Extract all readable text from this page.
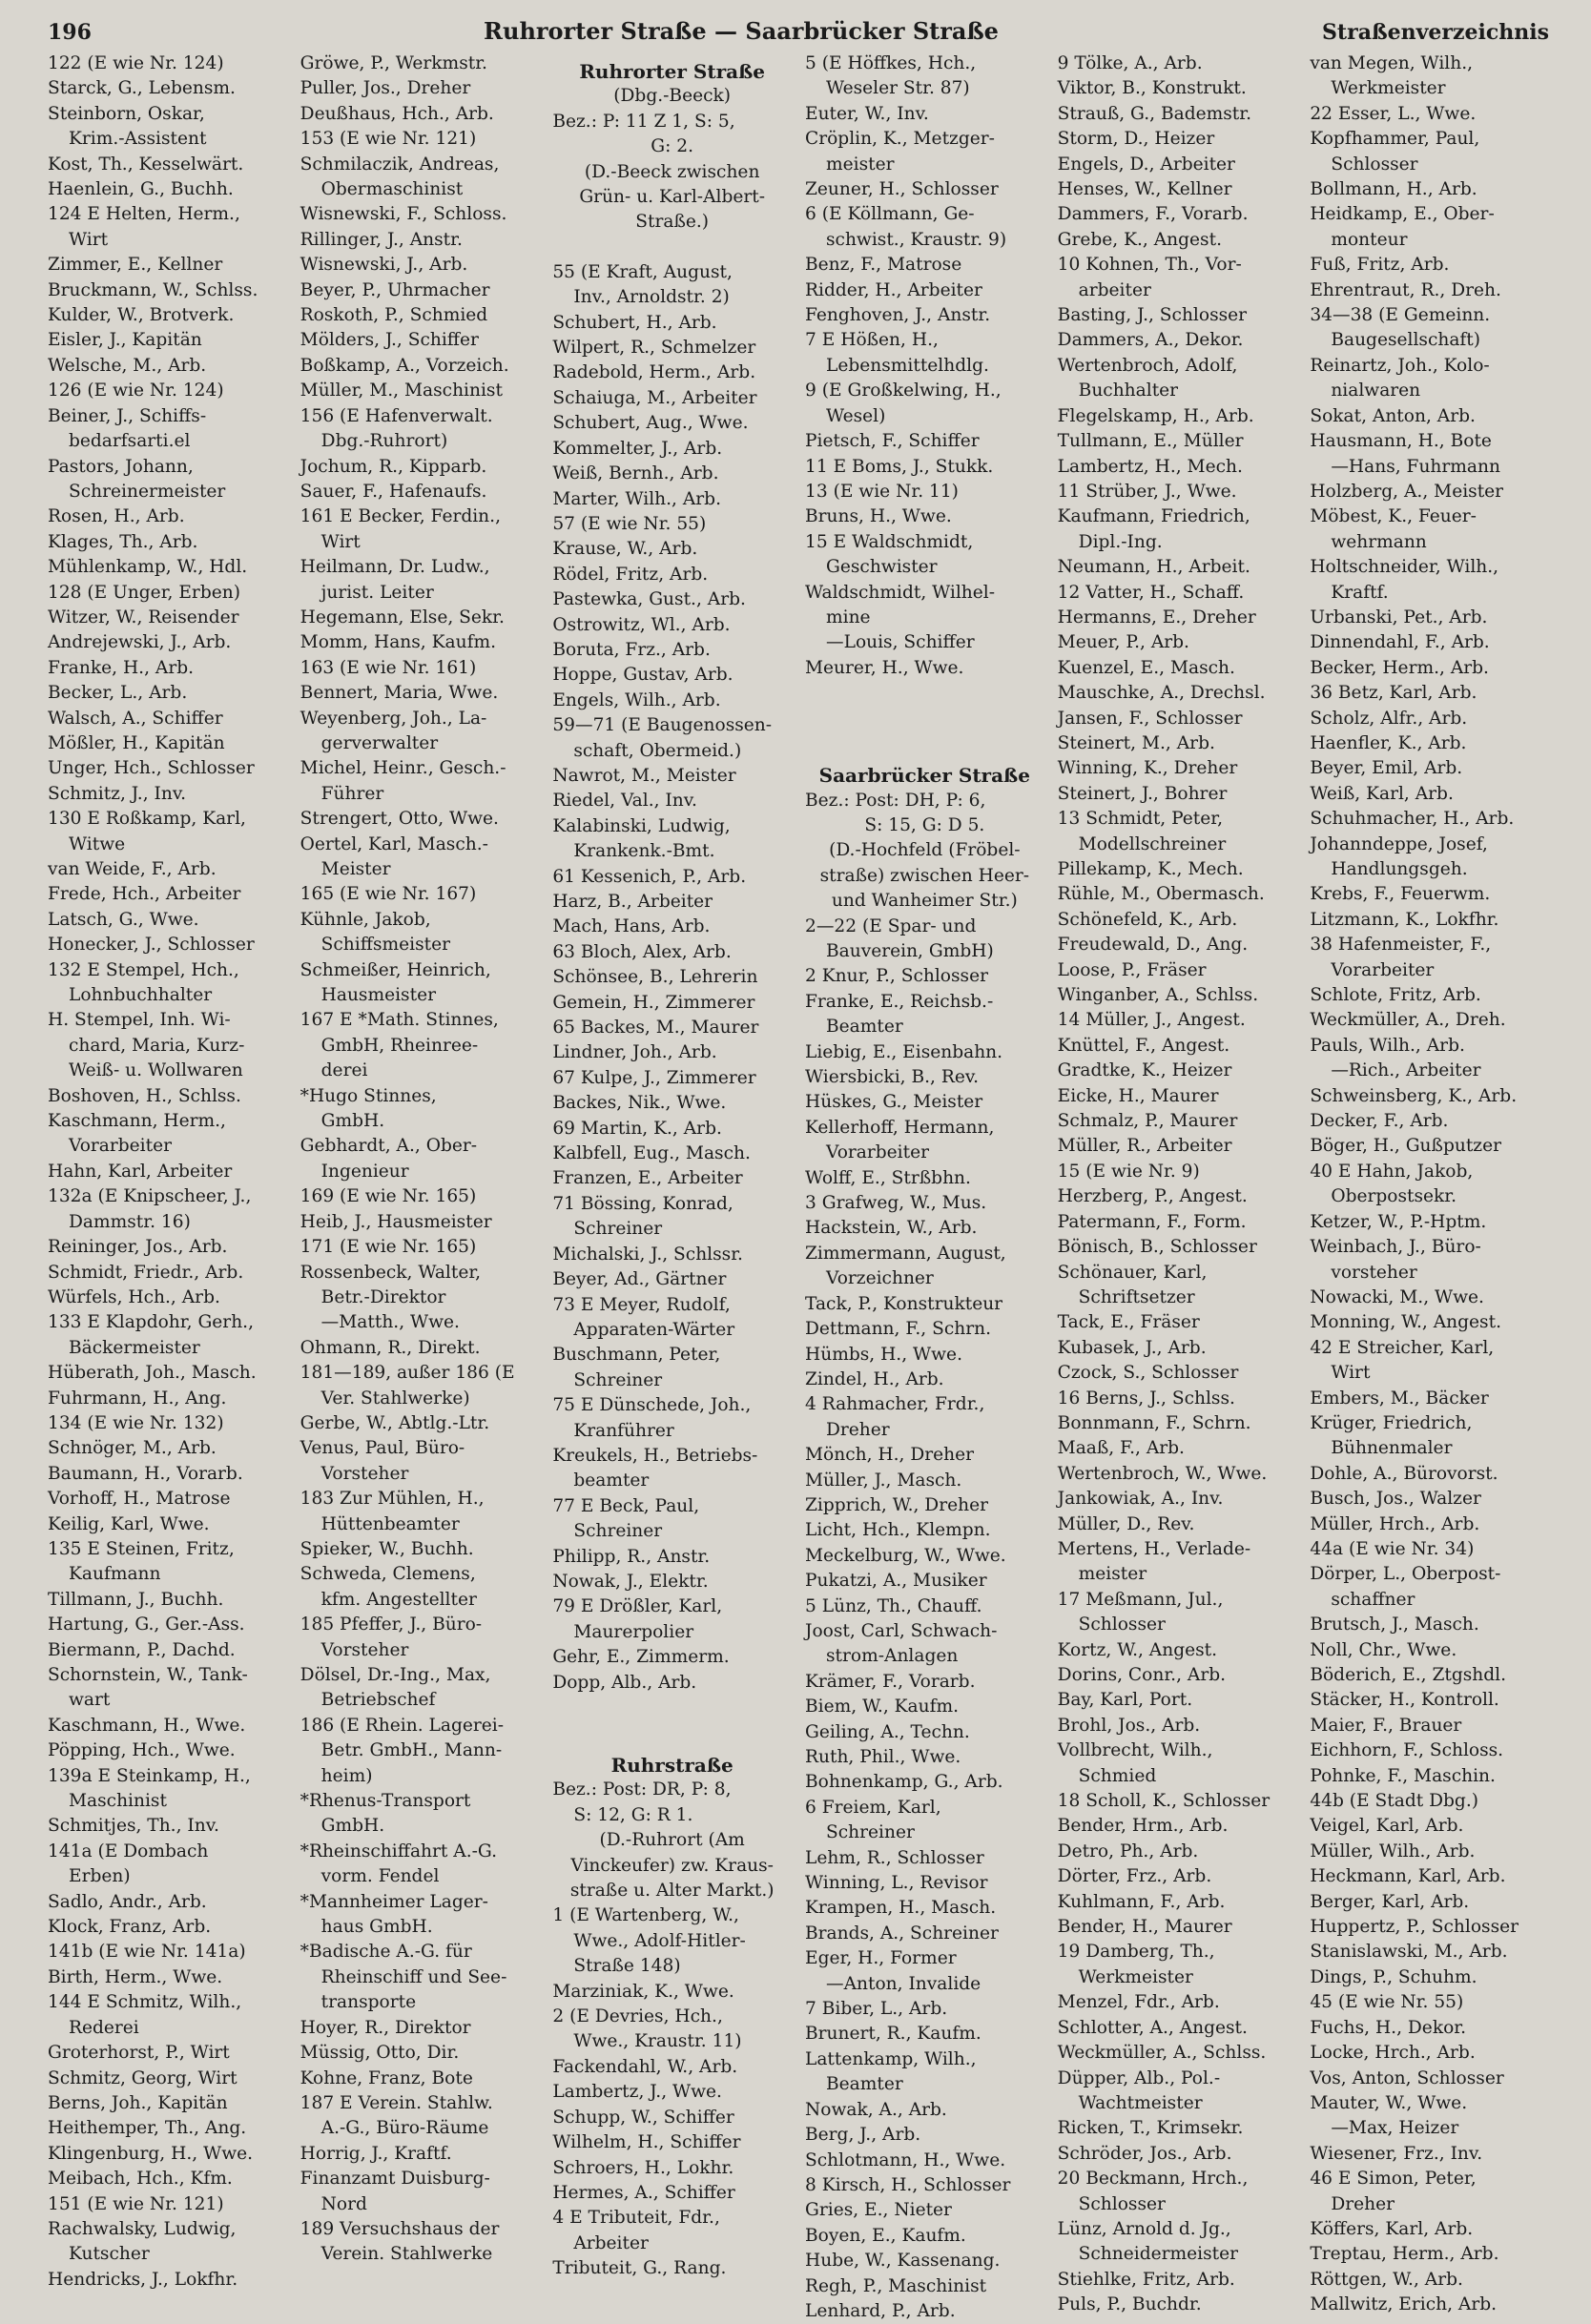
196	Ruhrorter Straße — Saarbrücker Straße	Straßenverzeichnis
122 (E wie Nr. 124)
Starck, G., Lebensm.
Steinborn, Oskar,
Krim.-Assistent
Kost, Th., Kesselwärt.
Haenlein, G., Buchh.
124 E Helten, Herm.,
Wirt
Zimmer, E., Kellner
Bruckmann, W., Schlss.
Kulder, W., Brotverk.
Eisler, J., Kapitän
Welsche, M., Arb.
126 (E wie Nr. 124)
Beiner, J., Schiffs-
bedarfsarti.el
Pastors, Johann,
Schreinermeister
Rosen, H., Arb.
Klages, Th., Arb.
Mühlenkamp, W., Hdl.
128 (E Unger, Erben)
Witzer, W., Reisender
Andrejewski, J., Arb.
Franke, H., Arb.
Becker, L., Arb.
Walsch, A., Schiffer
Mößler, H., Kapitän
Unger, Hch., Schlosser
Schmitz, J., Inv.
130 E Roßkamp, Karl,
Witwe
van Weide, F., Arb.
Frede, Hch., Arbeiter
Latsch, G., Wwe.
Honecker, J., Schlosser
132 E Stempel, Hch.,
Lohnbuchhalter
H. Stempel, Inh. Wi-
chard, Maria, Kurz-
Weiß- u. Wollwaren
Boshoven, H., Schlss.
Kaschmann, Herm.,
Vorarbeiter
Hahn, Karl, Arbeiter
132a (E Knipscheer, J.,
Dammstr. 16)
Reininger, Jos., Arb.
Schmidt, Friedr., Arb.
Würfels, Hch., Arb.
133 E Klapdohr, Gerh.,
Bäckermeister
Hüberath, Joh., Masch.
Fuhrmann, H., Ang.
134 (E wie Nr. 132)
Schnöger, M., Arb.
Baumann, H., Vorarb.
Vorhoff, H., Matrose
Keilig, Karl, Wwe.
135 E Steinen, Fritz,
Kaufmann
Tillmann, J., Buchh.
Hartung, G., Ger.-Ass.
Biermann, P., Dachd.
Schornstein, W., Tank-
wart
Kaschmann, H., Wwe.
Pöpping, Hch., Wwe.
139a E Steinkamp, H.,
Maschinist
Schmitjes, Th., Inv.
141a (E Dombach
Erben)
Sadlo, Andr., Arb.
Klock, Franz, Arb.
141b (E wie Nr. 141a)
Birth, Herm., Wwe.
144 E Schmitz, Wilh.,
Rederei
Groterhorst, P., Wirt
Schmitz, Georg, Wirt
Berns, Joh., Kapitän
Heithemper, Th., Ang.
Klingenburg, H., Wwe.
Meibach, Hch., Kfm.
151 (E wie Nr. 121)
Rachwalsky, Ludwig,
Kutscher
Hendricks, J., Lokfhr.
Gröwe, P., Werkmstr.
Puller, Jos., Dreher
Deußhaus, Hch., Arb.
153 (E wie Nr. 121)
Schmilaczik, Andreas,
Obermaschinist
Wisnewski, F., Schloss.
Rillinger, J., Anstr.
Wisnewski, J., Arb.
Beyer, P., Uhrmacher
Roskoth, P., Schmied
Mölders, J., Schiffer
Boßkamp, A., Vorzeich.
Müller, M., Maschinist
156 (E Hafenverwalt.
Dbg.-Ruhrort)
Jochum, R., Kipparb.
Sauer, F., Hafenaufs.
161 E Becker, Ferdin.,
Wirt
Heilmann, Dr. Ludw.,
jurist. Leiter
Hegemann, Else, Sekr.
Momm, Hans, Kaufm.
163 (E wie Nr. 161)
Bennert, Maria, Wwe.
Weyenberg, Joh., La-
gerverwalter
Michel, Heinr., Gesch.-
Führer
Strengert, Otto, Wwe.
Oertel, Karl, Masch.-
Meister
165 (E wie Nr. 167)
Kühnle, Jakob,
Schiffsmeister
Schmeißer, Heinrich,
Hausmeister
167 E *Math. Stinnes,
GmbH, Rheinree-
derei
*Hugo Stinnes,
GmbH.
Gebhardt, A., Ober-
Ingenieur
169 (E wie Nr. 165)
Heib, J., Hausmeister
171 (E wie Nr. 165)
Rossenbeck, Walter,
Betr.-Direktor
—Matth., Wwe.
Ohmann, R., Direkt.
181—189, außer 186 (E
Ver. Stahlwerke)
Gerbe, W., Abtlg.-Ltr.
Venus, Paul, Büro-
Vorsteher
183 Zur Mühlen, H.,
Hüttenbeamter
Spieker, W., Buchh.
Schweda, Clemens,
kfm. Angestellter
185 Pfeffer, J., Büro-
Vorsteher
Dölsel, Dr.-Ing., Max,
Betriebschef
186 (E Rhein. Lagerei-
Betr. GmbH., Mann-
heim)
*Rhenus-Transport
GmbH.
*Rheinschiffahrt A.-G.
vorm. Fendel
*Mannheimer Lager-
haus GmbH.
*Badische A.-G. für
Rheinschiff und See-
transporte
Hoyer, R., Direktor
Müssig, Otto, Dir.
Kohne, Franz, Bote
187 E Verein. Stahlw.
A.-G., Büro-Räume
Horrig, J., Kraftf.
Finanzamt Duisburg-
Nord
189 Versuchshaus der
Verein. Stahlwerke
Ruhrorter Straße
(Dbg.-Beeck)
Bez.: P: 11 Z 1, S: 5,
G: 2.
(D.-Beeck zwischen
Grün- u. Karl-Albert-
Straße.)
55 (E Kraft, August,
Inv., Arnoldstr. 2)
Schubert, H., Arb.
Wilpert, R., Schmelzer
Radebold, Herm., Arb.
Schaiuga, M., Arbeiter
Schubert, Aug., Wwe.
Kommelter, J., Arb.
Weiß, Bernh., Arb.
Marter, Wilh., Arb.
57 (E wie Nr. 55)
Krause, W., Arb.
Rödel, Fritz, Arb.
Pastewka, Gust., Arb.
Ostrowitz, Wl., Arb.
Boruta, Frz., Arb.
Hoppe, Gustav, Arb.
Engels, Wilh., Arb.
59—71 (E Baugenossen-
schaft, Obermeid.)
Nawrot, M., Meister
Riedel, Val., Inv.
Kalabinski, Ludwig,
Krankenk.-Bmt.
61 Kessenich, P., Arb.
Harz, B., Arbeiter
Mach, Hans, Arb.
63 Bloch, Alex, Arb.
Schönsee, B., Lehrerin
Gemein, H., Zimmerer
65 Backes, M., Maurer
Lindner, Joh., Arb.
67 Kulpe, J., Zimmerer
Backes, Nik., Wwe.
69 Martin, K., Arb.
Kalbfell, Eug., Masch.
Franzen, E., Arbeiter
71 Bössing, Konrad,
Schreiner
Michalski, J., Schlssr.
Beyer, Ad., Gärtner
73 E Meyer, Rudolf,
Apparaten-Wärter
Buschmann, Peter,
Schreiner
75 E Dünschede, Joh.,
Kranführer
Kreukels, H., Betriebs-
beamter
77 E Beck, Paul,
Schreiner
Philipp, R., Anstr.
Nowak, J., Elektr.
79 E Drößler, Karl,
Maurerpolier
Gehr, E., Zimmerm.
Dopp, Alb., Arb.
Ruhrstraße
Bez.: Post: DR, P: 8,
S: 12, G: R 1.
(D.-Ruhrort (Am
Vinckeufer) zw. Kraus-
straße u. Alter Markt.)
1 (E Wartenberg, W.,
Wwe., Adolf-Hitler-
Straße 148)
Marziniak, K., Wwe.
2 (E Devries, Hch.,
Wwe., Kraustr. 11)
Fackendahl, W., Arb.
Lambertz, J., Wwe.
Schupp, W., Schiffer
Wilhelm, H., Schiffer
Schroers, H., Lokhr.
Hermes, A., Schiffer
4 E Tributeit, Fdr.,
Arbeiter
Tributeit, G., Rang.
5 (E Höffkes, Hch.,
Weseler Str. 87)
Euter, W., Inv.
Cröplin, K., Metzger-
meister
Zeuner, H., Schlosser
6 (E Köllmann, Ge-
schwist., Kraustr. 9)
Benz, F., Matrose
Ridder, H., Arbeiter
Fenghoven, J., Anstr.
7 E Hößen, H.,
Lebensmittelhdlg.
9 (E Großkelwing, H.,
Wesel)
Pietsch, F., Schiffer
11 E Boms, J., Stukk.
13 (E wie Nr. 11)
Bruns, H., Wwe.
15 E Waldschmidt,
Geschwister
Waldschmidt, Wilhel-
mine
—Louis, Schiffer
Meurer, H., Wwe.
Saarbrücker Straße
Bez.: Post: DH, P: 6,
S: 15, G: D 5.
(D.-Hochfeld (Fröbel-
straße) zwischen Heer-
und Wanheimer Str.)
2—22 (E Spar- und
Bauverein, GmbH)
2 Knur, P., Schlosser
Franke, E., Reichsb.-
Beamter
Liebig, E., Eisenbahn.
Wiersbicki, B., Rev.
Hüskes, G., Meister
Kellerhoff, Hermann,
Vorarbeiter
Wolff, E., Strßbhn.
3 Grafweg, W., Mus.
Hackstein, W., Arb.
Zimmermann, August,
Vorzeichner
Tack, P., Konstrukteur
Dettmann, F., Schrn.
Hümbs, H., Wwe.
Zindel, H., Arb.
4 Rahmacher, Frdr.,
Dreher
Mönch, H., Dreher
Müller, J., Masch.
Zipprich, W., Dreher
Licht, Hch., Klempn.
Meckelburg, W., Wwe.
Pukatzi, A., Musiker
5 Lünz, Th., Chauff.
Joost, Carl, Schwach-
strom-Anlagen
Krämer, F., Vorarb.
Biem, W., Kaufm.
Geiling, A., Techn.
Ruth, Phil., Wwe.
Bohnenkamp, G., Arb.
6 Freiem, Karl,
Schreiner
Lehm, R., Schlosser
Winning, L., Revisor
Krampen, H., Masch.
Brands, A., Schreiner
Eger, H., Former
—Anton, Invalide
7 Biber, L., Arb.
Brunert, R., Kaufm.
Lattenkamp, Wilh.,
Beamter
Nowak, A., Arb.
Berg, J., Arb.
Schlotmann, H., Wwe.
8 Kirsch, H., Schlosser
Gries, E., Nieter
Boyen, E., Kaufm.
Hube, W., Kassenang.
Regh, P., Maschinist
Lenhard, P., Arb.
9 Tölke, A., Arb.
Viktor, B., Konstrukt.
Strauß, G., Bademstr.
Storm, D., Heizer
Engels, D., Arbeiter
Henses, W., Kellner
Dammers, F., Vorarb.
Grebe, K., Angest.
10 Kohnen, Th., Vor-
arbeiter
Basting, J., Schlosser
Dammers, A., Dekor.
Wertenbroch, Adolf,
Buchhalter
Flegelskamp, H., Arb.
Tullmann, E., Müller
Lambertz, H., Mech.
11 Strüber, J., Wwe.
Kaufmann, Friedrich,
Dipl.-Ing.
Neumann, H., Arbeit.
12 Vatter, H., Schaff.
Hermanns, E., Dreher
Meuer, P., Arb.
Kuenzel, E., Masch.
Mauschke, A., Drechsl.
Jansen, F., Schlosser
Steinert, M., Arb.
Winning, K., Dreher
Steinert, J., Bohrer
13 Schmidt, Peter,
Modellschreiner
Pillekamp, K., Mech.
Rühle, M., Obermasch.
Schönefeld, K., Arb.
Freudewald, D., Ang.
Loose, P., Fräser
Winganber, A., Schlss.
14 Müller, J., Angest.
Knüttel, F., Angest.
Gradtke, K., Heizer
Eicke, H., Maurer
Schmalz, P., Maurer
Müller, R., Arbeiter
15 (E wie Nr. 9)
Herzberg, P., Angest.
Patermann, F., Form.
Bönisch, B., Schlosser
Schönauer, Karl,
Schriftsetzer
Tack, E., Fräser
Kubasek, J., Arb.
Czock, S., Schlosser
16 Berns, J., Schlss.
Bonnmann, F., Schrn.
Maaß, F., Arb.
Wertenbroch, W., Wwe.
Jankowiak, A., Inv.
Müller, D., Rev.
Mertens, H., Verlade-
meister
17 Meßmann, Jul.,
Schlosser
Kortz, W., Angest.
Dorins, Conr., Arb.
Bay, Karl, Port.
Brohl, Jos., Arb.
Vollbrecht, Wilh.,
Schmied
18 Scholl, K., Schlosser
Bender, Hrm., Arb.
Detro, Ph., Arb.
Dörter, Frz., Arb.
Kuhlmann, F., Arb.
Bender, H., Maurer
19 Damberg, Th.,
Werkmeister
Menzel, Fdr., Arb.
Schlotter, A., Angest.
Weckmüller, A., Schlss.
Düpper, Alb., Pol.-
Wachtmeister
Ricken, T., Krimsekr.
Schröder, Jos., Arb.
20 Beckmann, Hrch.,
Schlosser
Lünz, Arnold d. Jg.,
Schneidermeister
Stiehlke, Fritz, Arb.
Puls, P., Buchdr.
van Megen, Wilh.,
Werkmeister
22 Esser, L., Wwe.
Kopfhammer, Paul,
Schlosser
Bollmann, H., Arb.
Heidkamp, E., Ober-
monteur
Fuß, Fritz, Arb.
Ehrentraut, R., Dreh.
34—38 (E Gemeinn.
Baugesellschaft)
Reinartz, Joh., Kolo-
nialwaren
Sokat, Anton, Arb.
Hausmann, H., Bote
—Hans, Fuhrmann
Holzberg, A., Meister
Möbest, K., Feuer-
wehrmann
Holtschneider, Wilh.,
Kraftf.
Urbanski, Pet., Arb.
Dinnendahl, F., Arb.
Becker, Herm., Arb.
36 Betz, Karl, Arb.
Scholz, Alfr., Arb.
Haenfler, K., Arb.
Beyer, Emil, Arb.
Weiß, Karl, Arb.
Schuhmacher, H., Arb.
Johanndeppe, Josef,
Handlungsgeh.
Krebs, F., Feuerwm.
Litzmann, K., Lokfhr.
38 Hafenmeister, F.,
Vorarbeiter
Schlote, Fritz, Arb.
Weckmüller, A., Dreh.
Pauls, Wilh., Arb.
—Rich., Arbeiter
Schweinsberg, K., Arb.
Decker, F., Arb.
Böger, H., Gußputzer
40 E Hahn, Jakob,
Oberpostsekr.
Ketzer, W., P.-Hptm.
Weinbach, J., Büro-
vorsteher
Nowacki, M., Wwe.
Monning, W., Angest.
42 E Streicher, Karl,
Wirt
Embers, M., Bäcker
Krüger, Friedrich,
Bühnenmaler
Dohle, A., Bürovorst.
Busch, Jos., Walzer
Müller, Hrch., Arb.
44a (E wie Nr. 34)
Dörper, L., Oberpost-
schaffner
Brutsch, J., Masch.
Noll, Chr., Wwe.
Böderich, E., Ztgshdl.
Stäcker, H., Kontroll.
Maier, F., Brauer
Eichhorn, F., Schloss.
Pohnke, F., Maschin.
44b (E Stadt Dbg.)
Veigel, Karl, Arb.
Müller, Wilh., Arb.
Heckmann, Karl, Arb.
Berger, Karl, Arb.
Huppertz, P., Schlosser
Stanislawski, M., Arb.
Dings, P., Schuhm.
45 (E wie Nr. 55)
Fuchs, H., Dekor.
Locke, Hrch., Arb.
Vos, Anton, Schlosser
Mauter, W., Wwe.
—Max, Heizer
Wiesener, Frz., Inv.
46 E Simon, Peter,
Dreher
Köffers, Karl, Arb.
Treptau, Herm., Arb.
Röttgen, W., Arb.
Mallwitz, Erich, Arb.
